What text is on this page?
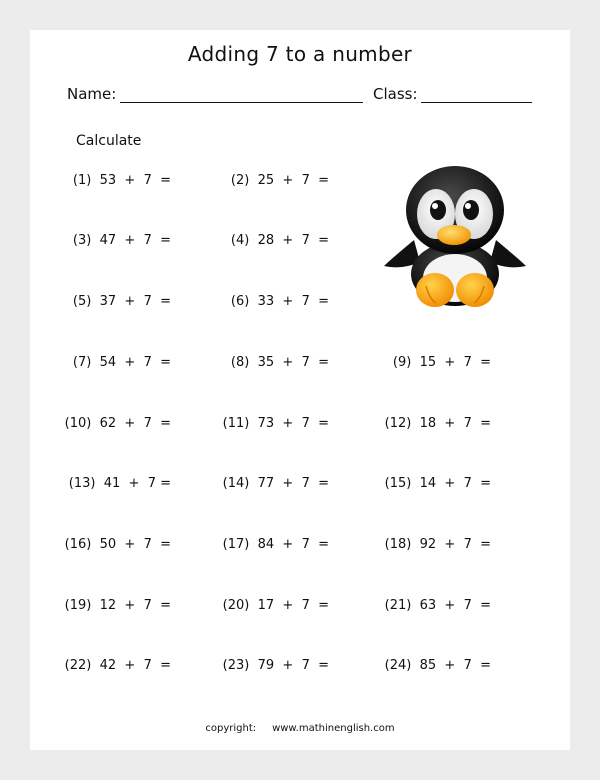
Adding 7 to a number
Name:	Class:
Calculate
(1)  53  +  7  =
(3)  47  +  7  =
(5)  37  +  7  =
(7)  54  +  7  =
(10)  62  +  7  =
(13)  41  +  7 =
(16)  50  +  7  =
(19)  12  +  7  =
(22)  42  +  7  =
(2)  25  +  7  =
(4)  28  +  7  =
(6)  33  +  7  =
(8)  35  +  7  =
(11)  73  +  7  =
(14)  77  +  7  =
(17)  84  +  7  =
(20)  17  +  7  =
(23)  79  +  7  =
(9)  15  +  7  =
(12)  18  +  7  =
(15)  14  +  7  =
(18)  92  +  7  =
(21)  63  +  7  =
(24)  85  +  7  =
copyright: www.mathinenglish.com
